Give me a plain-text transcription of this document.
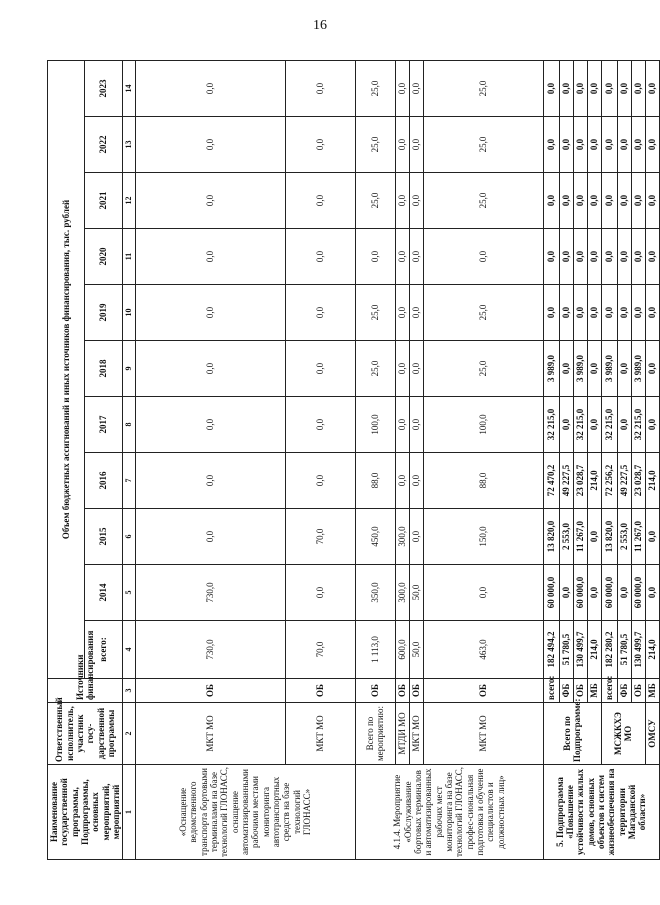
16
Наименование государственной программы, Подпрограммы, основных мероприятий, мероприятий	Ответственный исполнитель, участник госу-дарственной программы	Источники финансирования	Объем бюджетных ассигнований и иных источников финансирования, тыс. рублей										
			всего:	2014	2015	2016	2017	2018	2019	2020	2021	2022	2023
1	2	3	4	5	6	7	8	9	10	11	12	13	14
«Оснащение ведомственного транспорта бортовыми терминалами на базе технологий ГЛОНАСС, оснащение автоматизированными рабочими местами мониторинга автотранспортных средств на базе технологий ГЛОНАСС»	МКТ МО	ОБ	730,0	730,0	0,0	0,0	0,0	0,0	0,0	0,0	0,0	0,0	0,0
	МКТ МО	ОБ	70,0	0,0	70,0	0,0	0,0	0,0	0,0	0,0	0,0	0,0	0,0
4.1.4. Мероприятие «Обслуживание бортовых терминалов и автоматизированных рабочих мест мониторинга на базе технологий ГЛОНАСС, профес-сиональная подготовка и обучение специалистов и должностных лиц»	Всего по мероприятию:	ОБ	1 113,0	350,0	450,0	88,0	100,0	25,0	25,0	0,0	25,0	25,0	25,0
	МТДИ МО	ОБ	600,0	300,0	300,0	0,0	0,0	0,0	0,0	0,0	0,0	0,0	0,0
	МКТ МО	ОБ	50,0	50,0	0,0	0,0	0,0	0,0	0,0	0,0	0,0	0,0	0,0
	МКТ МО	ОБ	463,0	0,0	150,0	88,0	100,0	25,0	25,0	0,0	25,0	25,0	25,0
5. Подпрограмма «Повышение устойчивости жилых домов, основных объектов и систем жизнеобеспечения на территории Магаданской области»	Всего по Подпрограмме:	всего:	182 494,2	60 000,0	13 820,0	72 470,2	32 215,0	3 989,0	0,0	0,0	0,0	0,0	0,0
		ФБ	51 780,5	0,0	2 553,0	49 227,5	0,0	0,0	0,0	0,0	0,0	0,0	0,0
		ОБ	130 499,7	60 000,0	11 267,0	23 028,7	32 215,0	3 989,0	0,0	0,0	0,0	0,0	0,0
		МБ	214,0	0,0	0,0	214,0	0,0	0,0	0,0	0,0	0,0	0,0	0,0
	МСЖКХЭ МО	всего:	182 280,2	60 000,0	13 820,0	72 256,2	32 215,0	3 989,0	0,0	0,0	0,0	0,0	0,0
		ФБ	51 780,5	0,0	2 553,0	49 227,5	0,0	0,0	0,0	0,0	0,0	0,0	0,0
		ОБ	130 499,7	60 000,0	11 267,0	23 028,7	32 215,0	3 989,0	0,0	0,0	0,0	0,0	0,0
	ОМСУ	МБ	214,0	0,0	0,0	214,0	0,0	0,0	0,0	0,0	0,0	0,0	0,0
